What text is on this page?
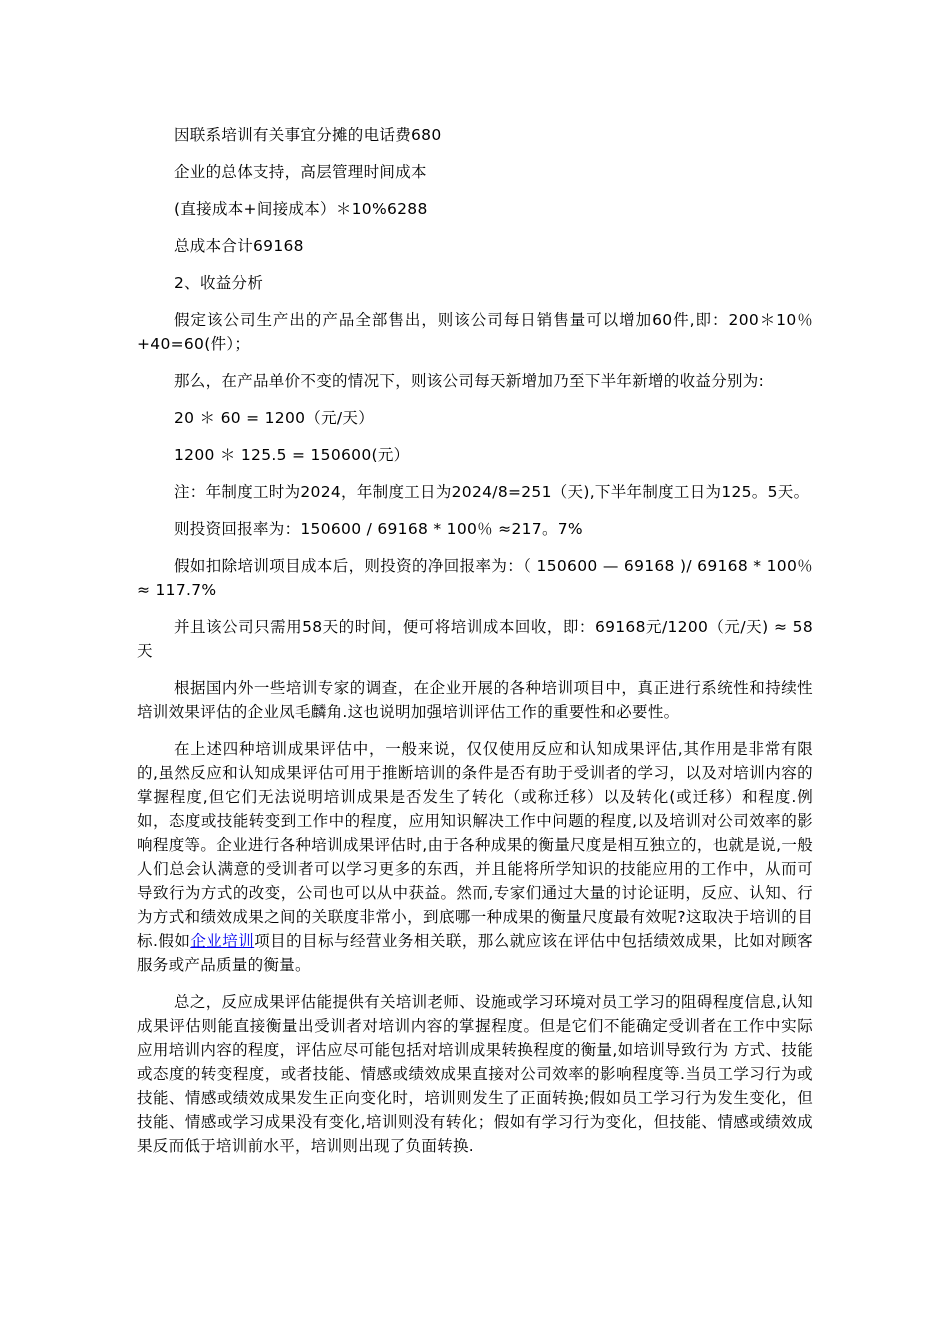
因联系培训有关事宜分摊的电话费680

企业的总体支持，高层管理时间成本

(直接成本+间接成本）＊10%6288

总成本合计69168

2、收益分析

假定该公司生产出的产品全部售出，则该公司每日销售量可以增加60件,即：200＊10％+40=60(件）；

那么，在产品单价不变的情况下，则该公司每天新增加乃至下半年新增的收益分别为:

20 ＊ 60 = 1200（元/天）

1200 ＊ 125.5 = 150600(元）

注：年制度工时为2024，年制度工日为2024/8=251（天),下半年制度工日为125。5天。

则投资回报率为：150600 / 69168 * 100％ ≈217。7%

假如扣除培训项目成本后，则投资的净回报率为：（ 150600 — 69168 )/ 69168 * 100％ ≈ 117.7%

并且该公司只需用58天的时间，便可将培训成本回收，即：69168元/1200（元/天) ≈ 58天

根据国内外一些培训专家的调查，在企业开展的各种培训项目中，真正进行系统性和持续性培训效果评估的企业凤毛麟角.这也说明加强培训评估工作的重要性和必要性。

在上述四种培训成果评估中，一般来说，仅仅使用反应和认知成果评估,其作用是非常有限的,虽然反应和认知成果评估可用于推断培训的条件是否有助于受训者的学习，以及对培训内容的掌握程度,但它们无法说明培训成果是否发生了转化（或称迁移）以及转化(或迁移）和程度.例如，态度或技能转变到工作中的程度，应用知识解决工作中问题的程度,以及培训对公司效率的影响程度等。企业进行各种培训成果评估时,由于各种成果的衡量尺度是相互独立的，也就是说,一般人们总会认满意的受训者可以学习更多的东西，并且能将所学知识的技能应用的工作中，从而可导致行为方式的改变，公司也可以从中获益。然而,专家们通过大量的讨论证明，反应、认知、行为方式和绩效成果之间的关联度非常小，到底哪一种成果的衡量尺度最有效呢?这取决于培训的目标.假如企业培训项目的目标与经营业务相关联，那么就应该在评估中包括绩效成果，比如对顾客服务或产品质量的衡量。

总之，反应成果评估能提供有关培训老师、设施或学习环境对员工学习的阻碍程度信息,认知成果评估则能直接衡量出受训者对培训内容的掌握程度。但是它们不能确定受训者在工作中实际应用培训内容的程度，评估应尽可能包括对培训成果转换程度的衡量,如培训导致行为 方式、技能或态度的转变程度，或者技能、情感或绩效成果直接对公司效率的影响程度等.当员工学习行为或技能、情感或绩效成果发生正向变化时，培训则发生了正面转换;假如员工学习行为发生变化，但技能、情感或学习成果没有变化,培训则没有转化；假如有学习行为变化，但技能、情感或绩效成果反而低于培训前水平，培训则出现了负面转换.
